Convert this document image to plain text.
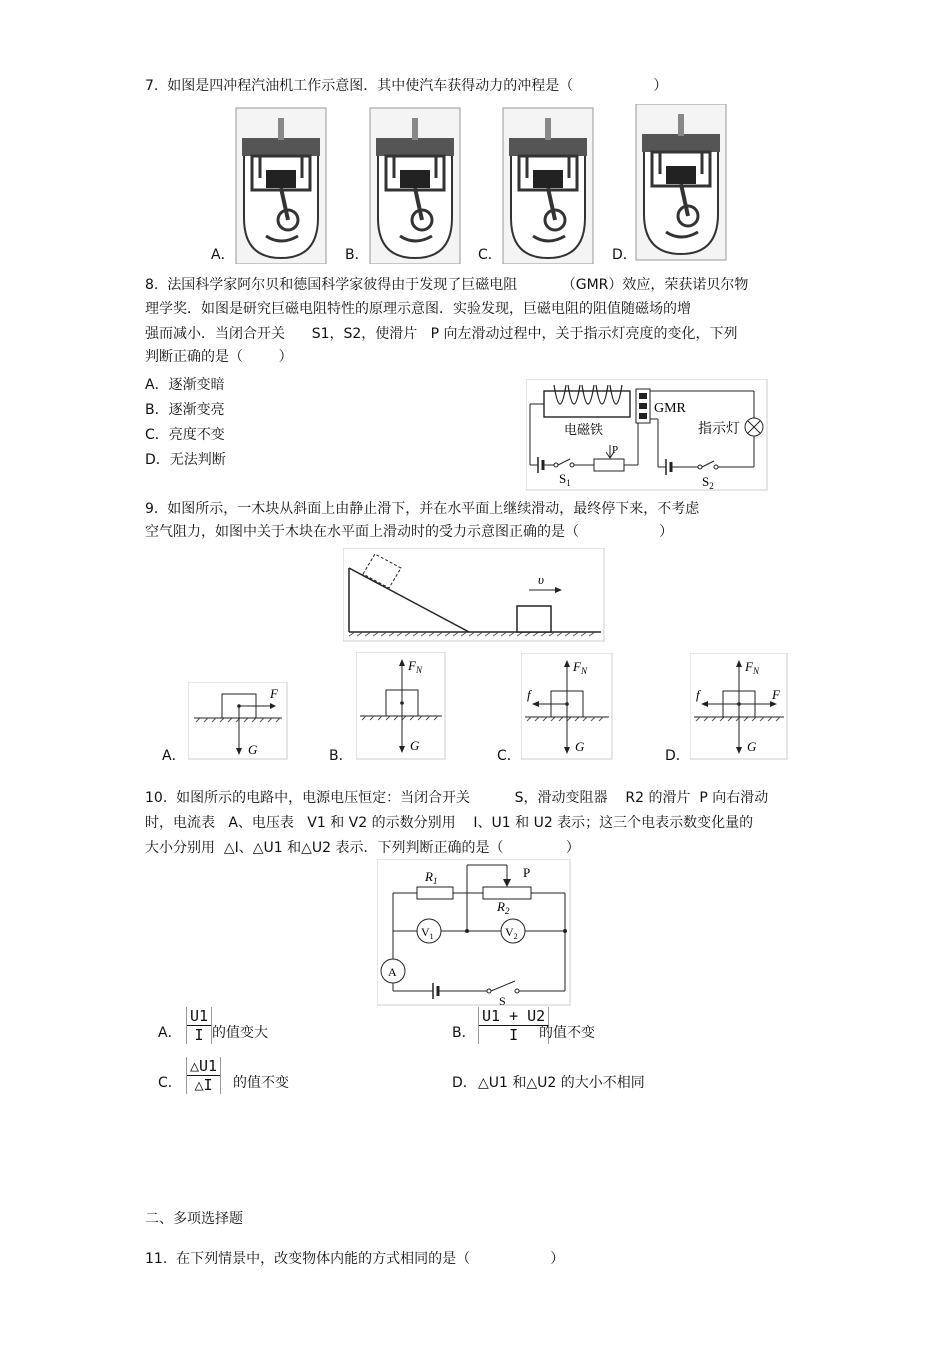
7.  如图是四冲程汽油机工作示意图．其中使汽车获得动力的冲程是（                  ）
A．	B．	C．	D．
8.  法国科学家阿尔贝和德国科学家彼得由于发现了巨磁电阻          （GMR）效应，荣获诺贝尔物
理学奖．如图是研究巨磁电阻特性的原理示意图．实验发现，巨磁电阻的阻值随磁场的增
强而减小．当闭合开关      S1，S2，使滑片   P 向左滑动过程中，关于指示灯亮度的变化，下列
判断正确的是（        ）
A．逐渐变暗
B．逐渐变亮
C．亮度不变
D．无法判断
电磁铁
GMR
$S_1$
P
指示灯
$S_2$
9.  如图所示，一木块从斜面上由静止滑下，并在水平面上继续滑动，最终停下来，不考虑
空气阻力，如图中关于木块在水平面上滑动时的受力示意图正确的是（                  ）
υ
F
G
$F_N$
G
f
$F_N$
G
f	F
$F_N$
G
A．	B．	C．	D．
10.  如图所示的电路中，电源电压恒定：当闭合开关          S，滑动变阻器    R2 的滑片  P 向右滑动
时，电流表   A、电压表   V1 和 V2 的示数分别用    I、U1 和 U2 表示；这三个电表示数变化量的
大小分别用  △I、△U1 和△U2 表示．下列判断正确的是（              ）
$R_1$
$R_2$
P
$V_1$	$V_2$
A
S
A． $\frac{U1}{I}$ 的值变大	B． $\frac{U1 + U2}{I}$
的值不变
C． $\frac{\triangle U1}{\triangle I}$ 的值不变	D． △U1 和△U2 的大小不相同
二、多项选择题
11.  在下列情景中，改变物体内能的方式相同的是（                  ）
